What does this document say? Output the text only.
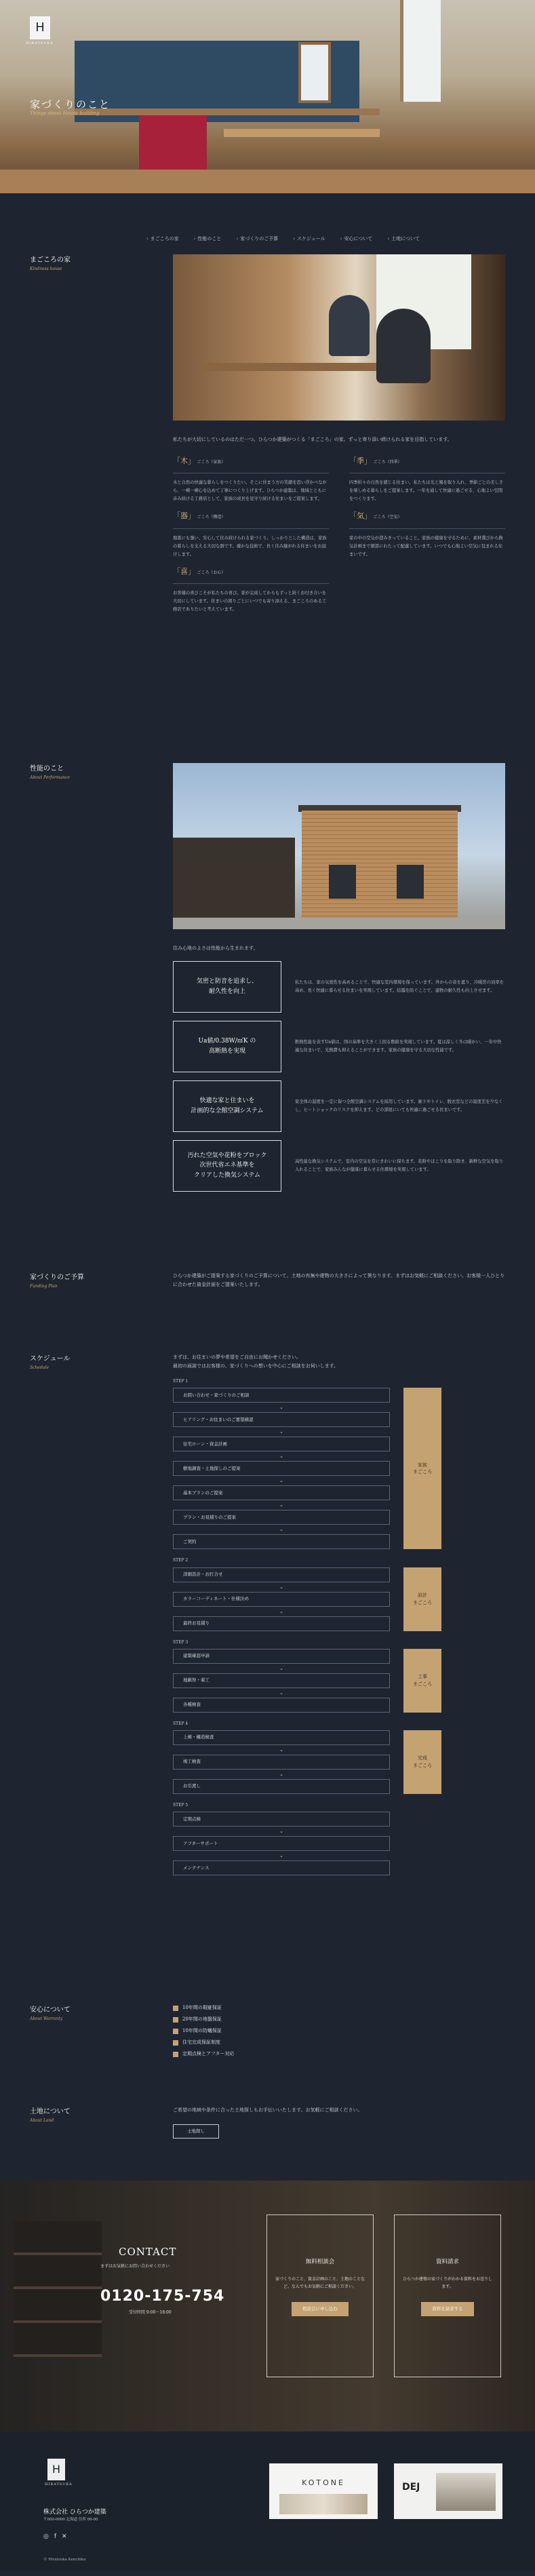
H
HIRATSUKA
家づくりのこと
Things about House building
› まごころの家	› 性能のこと	› 家づくりのご予算	› スケジュール	› 安心について	› 土地について
まごころの家
Kindness house

私たちが大切にしているのはただ一つ。ひらつか建築がつくる「まごころ」の家。ずっと寄り添い続けられる家を目指しています。

「木」 ごころ（家族）

木と自然の快適な暮らしをつくりたい。そこに住まう方の笑顔を思い浮かべながら、一棟一棟心を込めて丁寧につくり上げます。ひらつか建築は、地域とともに歩み続ける工務店として、家族の成長を見守り続ける住まいをご提案します。

「季」 ごころ（四季）

四季折々の自然を感じる住まい。私たちは光と風を取り入れ、季節ごとの美しさを楽しめる暮らしをご提案します。一年を通して快適に過ごせる、心地よい空間をつくります。

「器」 ごころ（構造）

地震にも強い、安心して住み続けられる家づくり。しっかりとした構造は、家族の暮らしを支える大切な器です。確かな技術で、長く住み継がれる住まいをお届けします。

「気」 ごころ（空気）

家の中の空気が澄みきっていること。家族の健康を守るために、素材選びから換気計画まで細部にわたって配慮しています。いつでも心地よい空気に包まれる住まいです。

「喜」 ごころ（お心）

お客様の喜びこそが私たちの喜び。家が完成してからもずっと続くお付き合いを大切にしています。住まいの困りごとにいつでも寄り添える、まごころのある工務店でありたいと考えています。

性能のこと
About Performance

住み心地のよさは性能から生まれます。

気密と防音を追求し、
耐久性を向上

私たちは、家の気密性を高めることで、快適な室内環境を保っています。外からの音を遮り、冷暖房の効率を高め、長く快適に暮らせる住まいを実現しています。結露を防ぐことで、建物の耐久性も向上させます。

Ua値/0.38W/㎡K の
高断熱を実現

断熱性能を表すUa値は、国の基準を大きく上回る数値を実現しています。夏は涼しく冬は暖かい、一年中快適な住まいで、光熱費も抑えることができます。家族の健康を守る大切な性能です。

快適な家と住まいを
計画的な全館空調システム

家全体の温度を一定に保つ全館空調システムを採用しています。廊下やトイレ、脱衣室などの温度差を少なくし、ヒートショックのリスクを抑えます。どの部屋にいても快適に過ごせる住まいです。

汚れた空気や花粉をブロック
次世代省エネ基準を
クリアした換気システム

高性能な換気システムで、室内の空気を常にきれいに保ちます。花粉やほこりを取り除き、新鮮な空気を取り入れることで、家族みんなが健康に暮らせる住環境を実現しています。

家づくりのご予算
Funding Plan

ひらつか建築がご提案する家づくりのご予算について、土地の有無や建物の大きさによって異なります。まずはお気軽にご相談ください。お客様一人ひとりに合わせた資金計画をご提案いたします。

スケジュール
Schedule

まずは、お住まいの夢や希望をご自由にお聞かせください。
最初の面談ではお客様の、家づくりへの想いを中心にご相談をお伺いします。

STEP 1
お問い合わせ・家づくりのご相談
⌄
ヒアリング・お住まいのご要望確認
⌄
住宅ローン・資金計画
⌄
敷地調査・土地探しのご提案
⌄
基本プランのご提案
⌄
プラン・お見積りのご提案
⌄
ご契約
家族
まごころ
STEP 2
詳細設計・お打合せ
⌄
カラーコーディネート・仕様決め
⌄
最終お見積り
設計
まごころ
STEP 3
建築確認申請
⌄
地鎮祭・着工
⌄
各種検査
工事
まごころ
STEP 4
上棟・構造検査
⌄
竣工検査
⌄
お引渡し
完成
まごころ
STEP 5
定期点検
⌄
アフターサポート
⌄
メンテナンス
安心について
About Warranty
10年間の瑕疵保証
20年間の地盤保証
10年間の防蟻保証
住宅完成保証制度
定期点検とアフター対応
土地について
About Land

ご希望の地域や条件に合った土地探しもお手伝いいたします。お気軽にご相談ください。

土地探し
CONTACT
まずはお気軽にお問い合わせください
0120-175-754
受付時間 9:00〜18:00
無料相談会

家づくりのこと、資金計画のこと、土地のことなど、なんでもお気軽にご相談ください。

相談会に申し込む
資料請求

ひらつか建築の家づくりがわかる資料をお送りします。

資料を請求する
H
HIRATSUKA
株式会社 ひらつか建築
〒000-0000 北海道 住所 00-00
◎ f ✕
© Hiratsuka Kenchiku
KOTONE	DEJ
